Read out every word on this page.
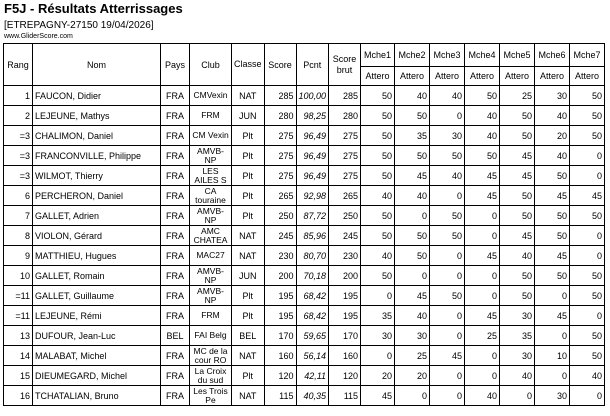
F5J - Résultats Atterrissages
[ETREPAGNY-27150 19/04/2026]
www.GliderScore.com
Rang	Nom	Pays	Club	Classe	Score	Pcnt	Score brut	Mche1	Mche2	Mche3	Mche4	Mche5	Mche6	Mche7
								Attero	Attero	Attero	Attero	Attero	Attero	Attero
1	FAUCON, Didier	FRA	CMVexin	NAT	285	100,00	285	50	40	40	50	25	30	50
2	LEJEUNE, Mathys	FRA	FRM	JUN	280	98,25	280	50	50	0	40	50	40	50
=3	CHALIMON, Daniel	FRA	CM Vexin	Plt	275	96,49	275	50	35	30	40	50	20	50
=3	FRANCONVILLE, Philippe	FRA	AMVB-NP	Plt	275	96,49	275	50	50	50	50	45	40	0
=3	WILMOT, Thierry	FRA	LES AILES S	Plt	275	96,49	275	50	45	40	45	45	50	0
6	PERCHERON, Daniel	FRA	CA touraine	Plt	265	92,98	265	40	40	0	45	50	45	45
7	GALLET, Adrien	FRA	AMVB-NP	Plt	250	87,72	250	50	0	50	0	50	50	50
8	VIOLON, Gérard	FRA	AMC CHATEA	NAT	245	85,96	245	50	50	50	0	45	50	0
9	MATTHIEU, Hugues	FRA	MAC27	NAT	230	80,70	230	40	50	0	45	40	45	0
10	GALLET, Romain	FRA	AMVB-NP	JUN	200	70,18	200	50	0	0	0	50	50	50
=11	GALLET, Guillaume	FRA	AMVB-NP	Plt	195	68,42	195	0	45	50	0	50	0	50
=11	LEJEUNE, Rémi	FRA	FRM	Plt	195	68,42	195	35	40	0	45	30	45	0
13	DUFOUR, Jean-Luc	BEL	FAI Belg	BEL	170	59,65	170	30	30	0	25	35	0	50
14	MALABAT, Michel	FRA	MC de la cour RO	NAT	160	56,14	160	0	25	45	0	30	10	50
15	DIEUMEGARD, Michel	FRA	La Croix du sud	Plt	120	42,11	120	20	20	0	0	40	0	40
16	TCHATALIAN, Bruno	FRA	Les Trois Pe	NAT	115	40,35	115	45	0	0	40	0	30	0
